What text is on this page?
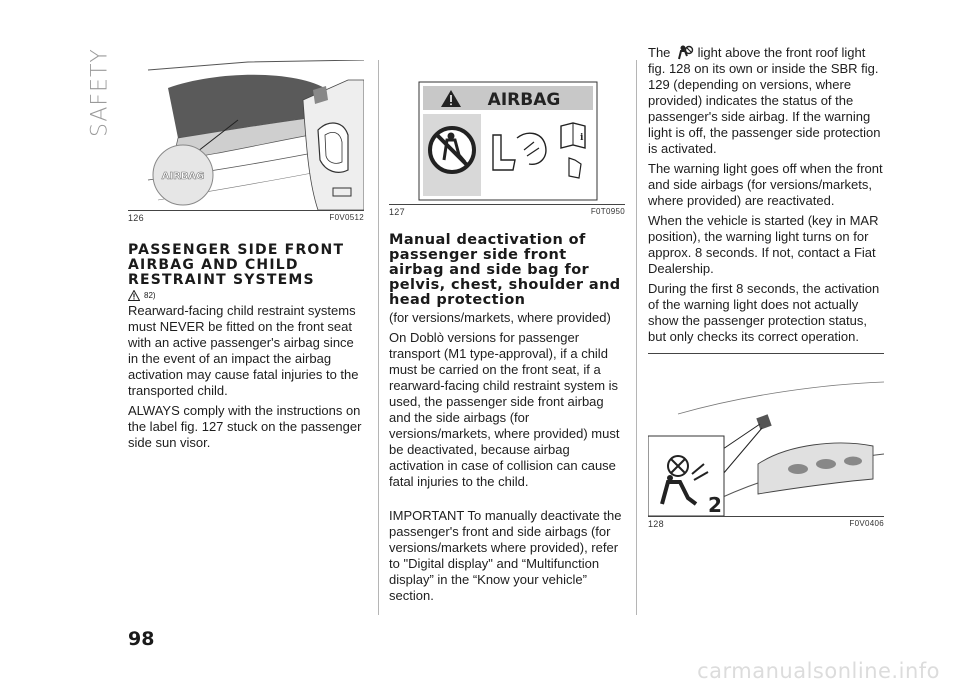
SAFETY
AIRBAG
126	F0V0512
PASSENGER SIDE FRONT AIRBAG AND CHILD RESTRAINT SYSTEMS
82)

Rearward-facing child restraint systems must NEVER be fitted on the front seat with an active passenger's airbag since in the event of an impact the airbag activation may cause fatal injuries to the transported child.

ALWAYS comply with the instructions on the label fig. 127 stuck on the passenger side sun visor.

AIRBAG
i
127	F0T0950
Manual deactivation of passenger side front airbag and side bag for pelvis, chest, shoulder and head protection

(for versions/markets, where provided)

On Doblò versions for passenger transport (M1 type-approval), if a child must be carried on the front seat, if a rearward-facing child restraint system is used, the passenger side front airbag and the side airbags (for versions/markets, where provided) must be deactivated, because airbag activation in case of collision can cause fatal injuries to the child.

IMPORTANT To manually deactivate the passenger's front and side airbags (for versions/markets where provided), refer to "Digital display" and “Multifunction display” in the “Know your vehicle” section.

The light above the front roof light fig. 128 on its own or inside the SBR fig. 129 (depending on versions, where provided) indicates the status of the passenger's side airbag. If the warning light is off, the passenger side protection is activated.

The warning light goes off when the front and side airbags (for versions/markets, where provided) are reactivated.

When the vehicle is started (key in MAR position), the warning light turns on for approx. 8 seconds. If not, contact a Fiat Dealership.

During the first 8 seconds, the activation of the warning light does not actually show the passenger protection status, but only checks its correct operation.

2
128	F0V0406
98
carmanualsonline.info
